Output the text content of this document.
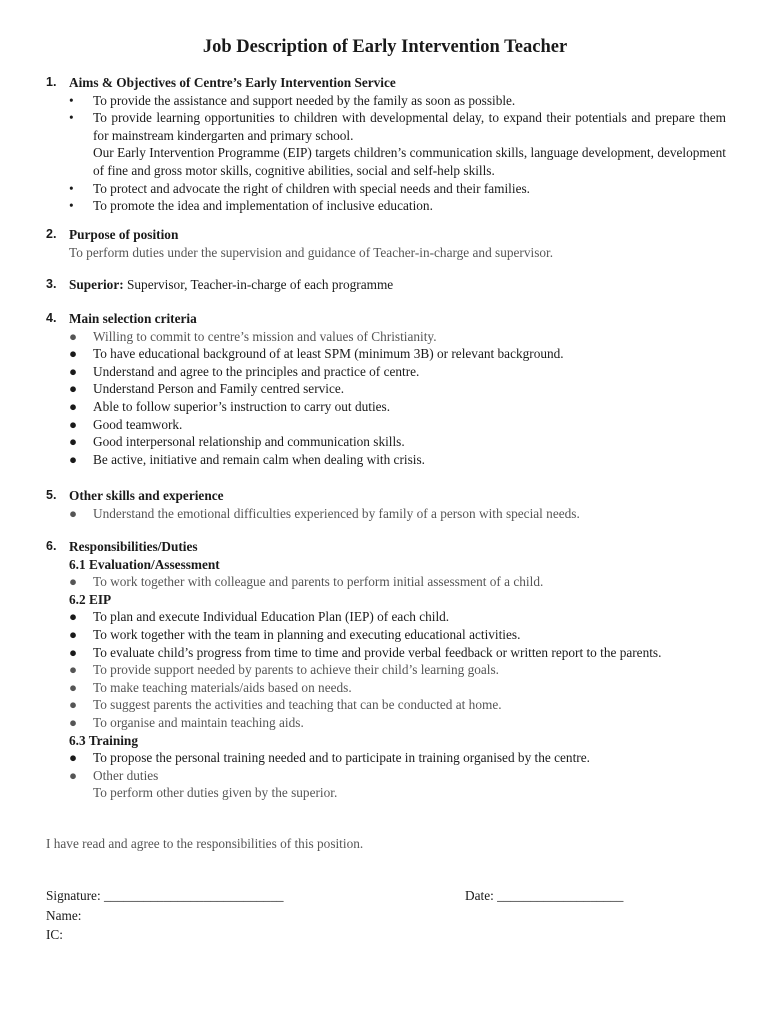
Job Description of Early Intervention Teacher
1. Aims & Objectives of Centre’s Early Intervention Service
• To provide the assistance and support needed by the family as soon as possible.
• To provide learning opportunities to children with developmental delay, to expand their potentials and prepare them for mainstream kindergarten and primary school.
Our Early Intervention Programme (EIP) targets children’s communication skills, language development, development of fine and gross motor skills, cognitive abilities, social and self-help skills.
• To protect and advocate the right of children with special needs and their families.
• To promote the idea and implementation of inclusive education.
2. Purpose of position
To perform duties under the supervision and guidance of Teacher-in-charge and supervisor.
3. Superior: Supervisor, Teacher-in-charge of each programme
4. Main selection criteria
● Willing to commit to centre’s mission and values of Christianity.
● To have educational background of at least SPM (minimum 3B) or relevant background.
● Understand and agree to the principles and practice of centre.
● Understand Person and Family centred service.
● Able to follow superior’s instruction to carry out duties.
● Good teamwork.
● Good interpersonal relationship and communication skills.
● Be active, initiative and remain calm when dealing with crisis.
5. Other skills and experience
● Understand the emotional difficulties experienced by family of a person with special needs.
6. Responsibilities/Duties
6.1 Evaluation/Assessment
● To work together with colleague and parents to perform initial assessment of a child.
6.2 EIP
● To plan and execute Individual Education Plan (IEP) of each child.
● To work together with the team in planning and executing educational activities.
● To evaluate child’s progress from time to time and provide verbal feedback or written report to the parents.
● To provide support needed by parents to achieve their child’s learning goals.
● To make teaching materials/aids based on needs.
● To suggest parents the activities and teaching that can be conducted at home.
● To organise and maintain teaching aids.
6.3 Training
● To propose the personal training needed and to participate in training organised by the centre.
● Other duties
To perform other duties given by the superior.
I have read and agree to the responsibilities of this position.
Signature: ___________________________	Date: ___________________
Name:
IC:
